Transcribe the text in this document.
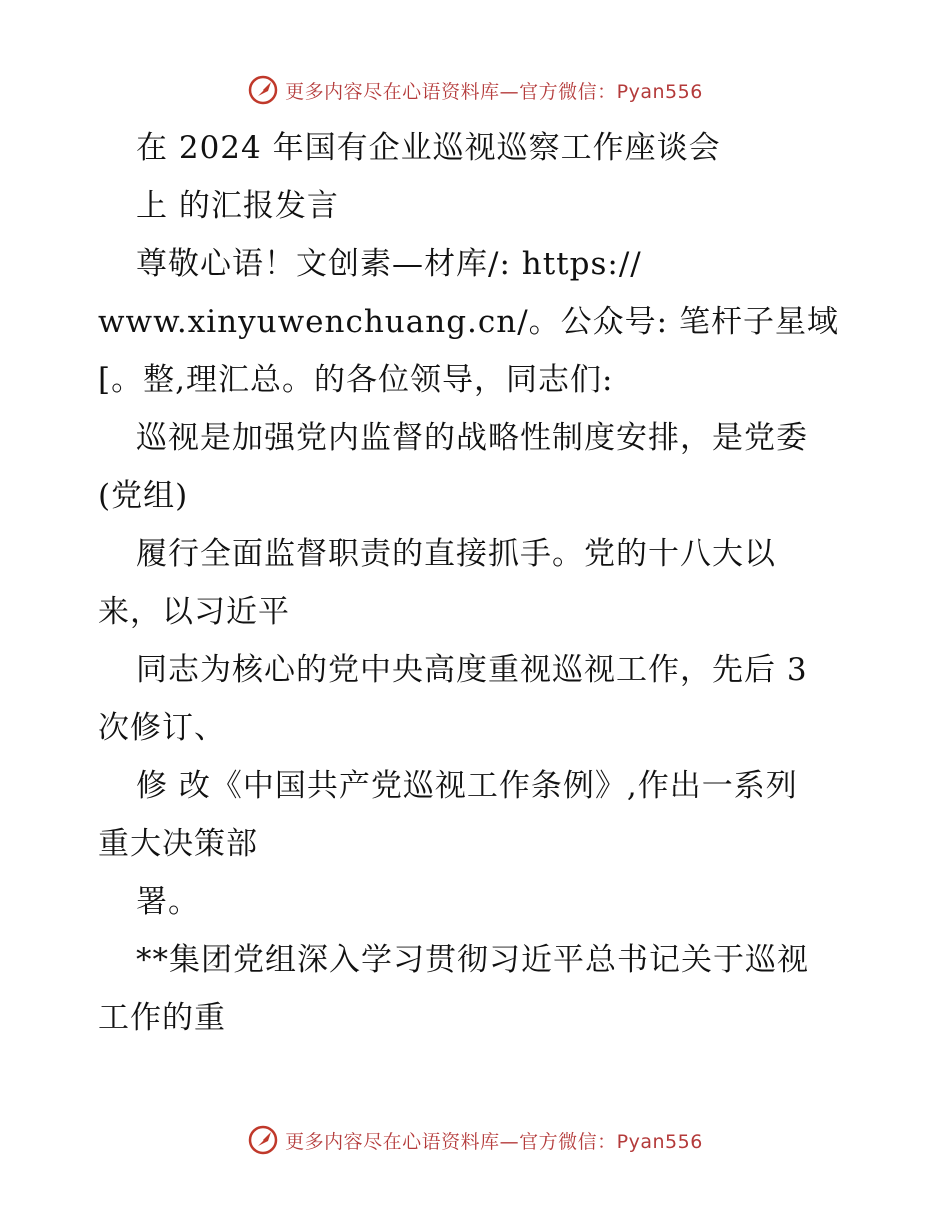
更多内容尽在心语资料库—官方微信：Pyan556
在 2024 年国有企业巡视巡察工作座谈会
上 的汇报发言
尊敬心语！文创素—材库/: https://
www.xinyuwenchuang.cn/。公众号: 笔杆子星域
[。整,理汇总。的各位领导，同志们:
巡视是加强党内监督的战略性制度安排，是党委
(党组)
履行全面监督职责的直接抓手。党的十八大以
来，以习近平
同志为核心的党中央高度重视巡视工作，先后 3
次修订、
修 改《中国共产党巡视工作条例》,作出一系列
重大决策部
署。
**集团党组深入学习贯彻习近平总书记关于巡视
工作的重
更多内容尽在心语资料库—官方微信：Pyan556
